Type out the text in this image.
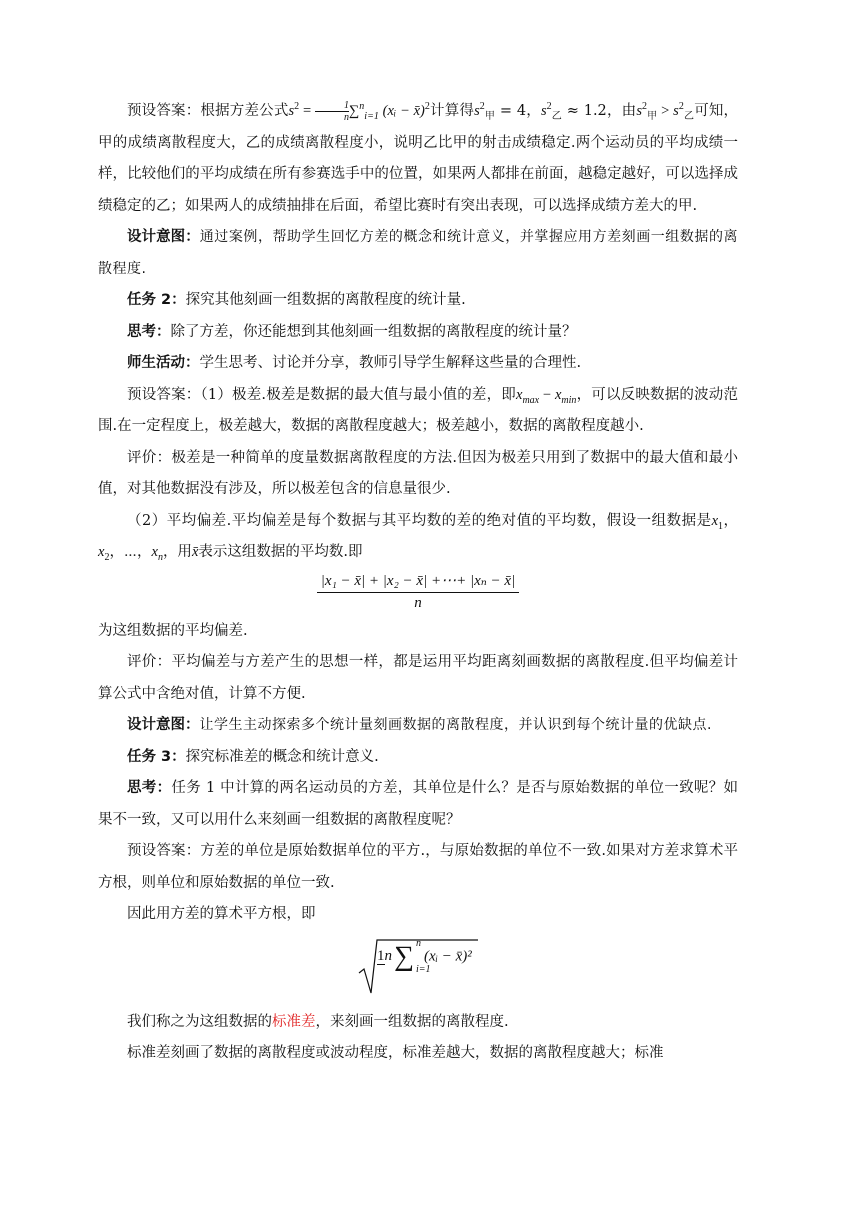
预设答案：根据方差公式$s^2 = \frac{1}{n} \sum^n_{i=1}$ (xᵢ − x̄)$^2$计算得$s^2_甲 = 4$，$s^2_乙 \approx 1.2$，由$s^2_甲 > s^2_乙$可知，甲的成绩离散程度大，乙的成绩离散程度小，说明乙比甲的射击成绩稳定.两个运动员的平均成绩一样，比较他们的平均成绩在所有参赛选手中的位置，如果两人都排在前面，越稳定越好，可以选择成绩稳定的乙；如果两人的成绩抽排在后面，希望比赛时有突出表现，可以选择成绩方差大的甲.

设计意图：通过案例，帮助学生回忆方差的概念和统计意义，并掌握应用方差刻画一组数据的离散程度.

任务 2：探究其他刻画一组数据的离散程度的统计量.

思考：除了方差，你还能想到其他刻画一组数据的离散程度的统计量？

师生活动：学生思考、讨论并分享，教师引导学生解释这些量的合理性.

预设答案：（1）极差.极差是数据的最大值与最小值的差，即$x_{max} - x_{min}$，可以反映数据的波动范围.在一定程度上，极差越大，数据的离散程度越大；极差越小，数据的离散程度越小.

评价：极差是一种简单的度量数据离散程度的方法.但因为极差只用到了数据中的最大值和最小值，对其他数据没有涉及，所以极差包含的信息量很少.

（2）平均偏差.平均偏差是每个数据与其平均数的差的绝对值的平均数，假设一组数据是$x_1$，$x_2$，⋯，$x_n$，用x̄表示这组数据的平均数.即

$\frac{\text{|x₁ − x̄| + |x₂ − x̄| +⋯+ |xₙ − x̄|}}{n}$

为这组数据的平均偏差.

评价：平均偏差与方差产生的思想一样，都是运用平均距离刻画数据的离散程度.但平均偏差计算公式中含绝对值，计算不方便.

设计意图：让学生主动探索多个统计量刻画数据的离散程度，并认识到每个统计量的优缺点.

任务 3：探究标准差的概念和统计意义.

思考：任务 1 中计算的两名运动员的方差，其单位是什么？是否与原始数据的单位一致呢？如果不一致，又可以用什么来刻画一组数据的离散程度呢？

预设答案：方差的单位是原始数据单位的平方.，与原始数据的单位不一致.如果对方差求算术平方根，则单位和原始数据的单位一致.

因此用方差的算术平方根，即

1n∑ n
i=1
(xᵢ − x̄)²

我们称之为这组数据的标准差，来刻画一组数据的离散程度.

标准差刻画了数据的离散程度或波动程度，标准差越大，数据的离散程度越大；标准
